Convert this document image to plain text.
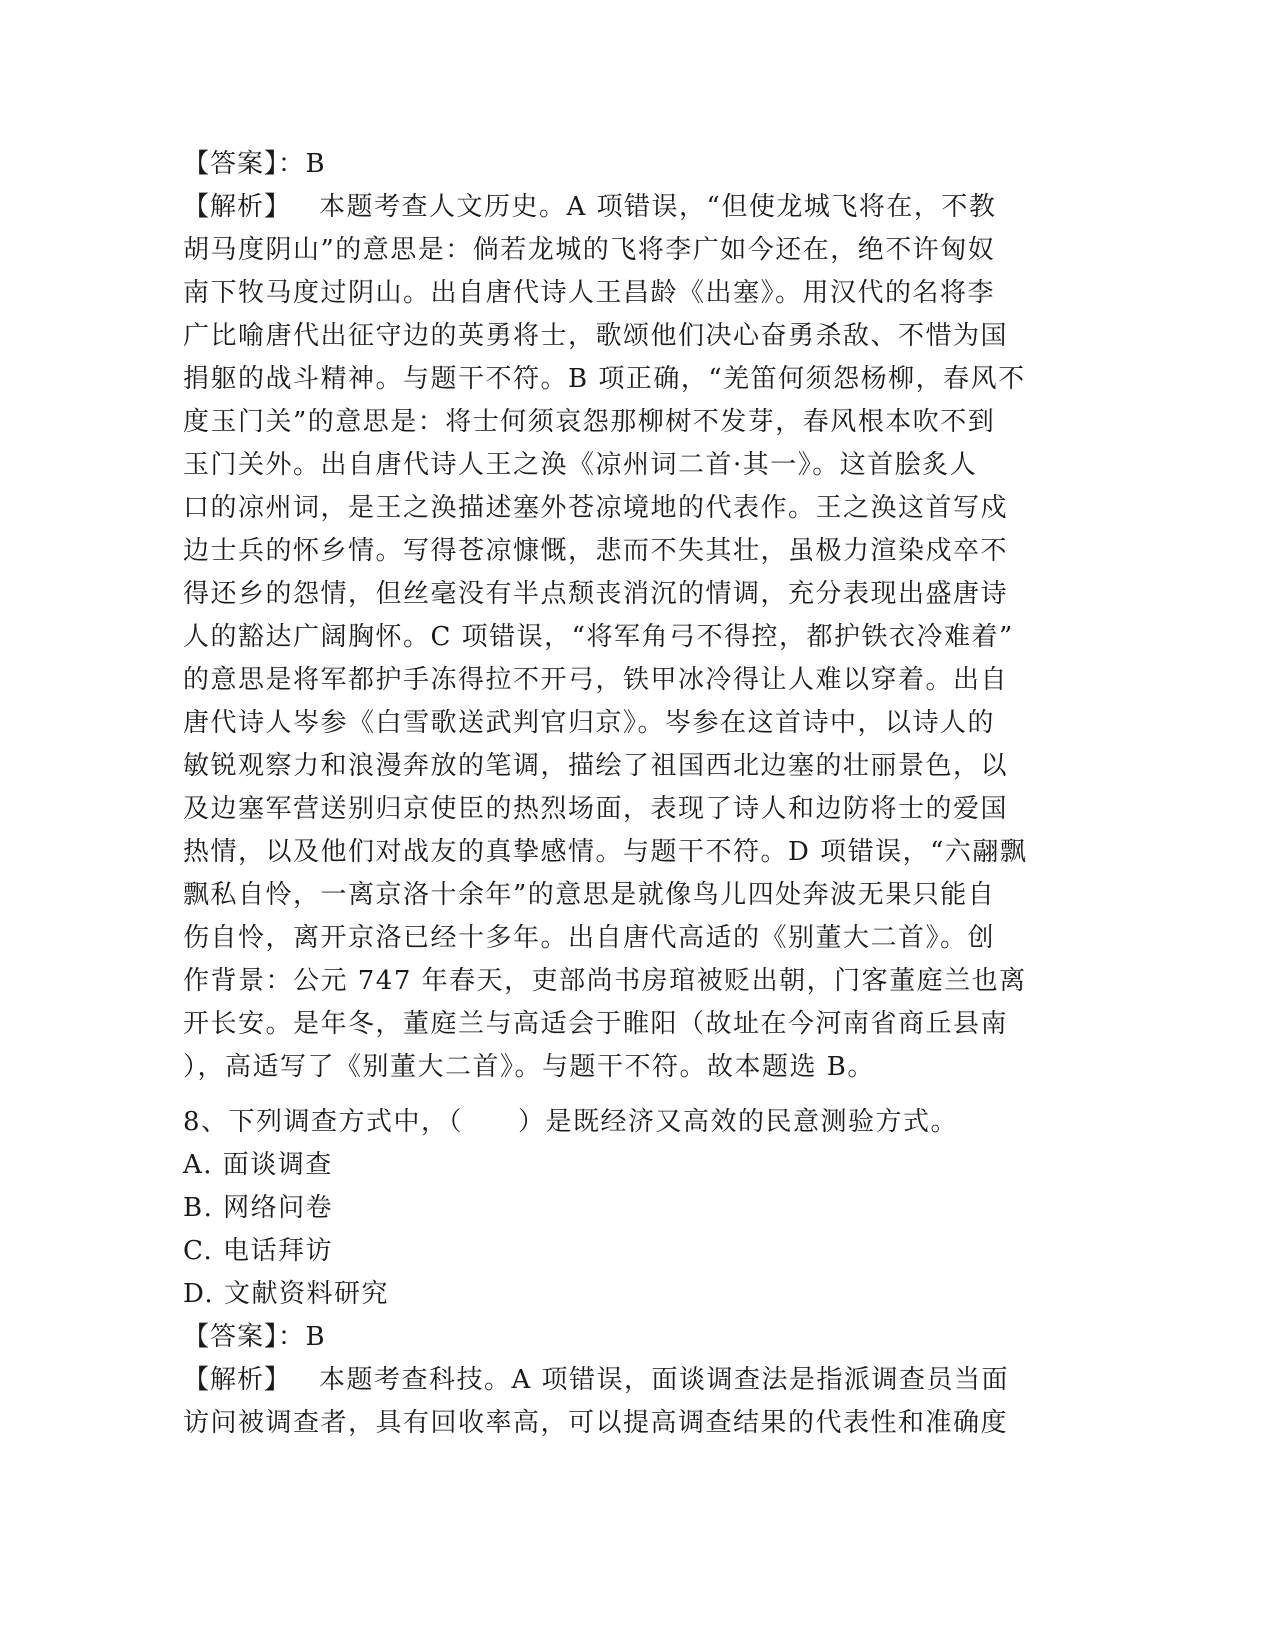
【答案】：B
【解析】 本题考查人文历史。A 项错误，“但使龙城飞将在，不教
胡马度阴山”的意思是：倘若龙城的飞将李广如今还在，绝不许匈奴
南下牧马度过阴山。出自唐代诗人王昌龄《出塞》。用汉代的名将李
广比喻唐代出征守边的英勇将士，歌颂他们决心奋勇杀敌、不惜为国
捐躯的战斗精神。与题干不符。B 项正确，“羌笛何须怨杨柳，春风不
度玉门关”的意思是：将士何须哀怨那柳树不发芽，春风根本吹不到
玉门关外。出自唐代诗人王之涣《凉州词二首·其一》。这首脍炙人
口的凉州词，是王之涣描述塞外苍凉境地的代表作。王之涣这首写戍
边士兵的怀乡情。写得苍凉慷慨，悲而不失其壮，虽极力渲染戍卒不
得还乡的怨情，但丝毫没有半点颓丧消沉的情调，充分表现出盛唐诗
人的豁达广阔胸怀。C 项错误，“将军角弓不得控，都护铁衣冷难着”
的意思是将军都护手冻得拉不开弓，铁甲冰冷得让人难以穿着。出自
唐代诗人岑参《白雪歌送武判官归京》。岑参在这首诗中，以诗人的
敏锐观察力和浪漫奔放的笔调，描绘了祖国西北边塞的壮丽景色，以
及边塞军营送别归京使臣的热烈场面，表现了诗人和边防将士的爱国
热情，以及他们对战友的真挚感情。与题干不符。D 项错误，“六翮飘
飘私自怜，一离京洛十余年”的意思是就像鸟儿四处奔波无果只能自
伤自怜，离开京洛已经十多年。出自唐代高适的《别董大二首》。创
作背景：公元 747 年春天，吏部尚书房琯被贬出朝，门客董庭兰也离
开长安。是年冬，董庭兰与高适会于睢阳（故址在今河南省商丘县南
），高适写了《别董大二首》。与题干不符。故本题选 B。
8、下列调查方式中，（　　）是既经济又高效的民意测验方式。
A. 面谈调查
B. 网络问卷
C. 电话拜访
D. 文献资料研究
【答案】：B
【解析】 本题考查科技。A 项错误，面谈调查法是指派调查员当面
访问被调查者，具有回收率高，可以提高调查结果的代表性和准确度
